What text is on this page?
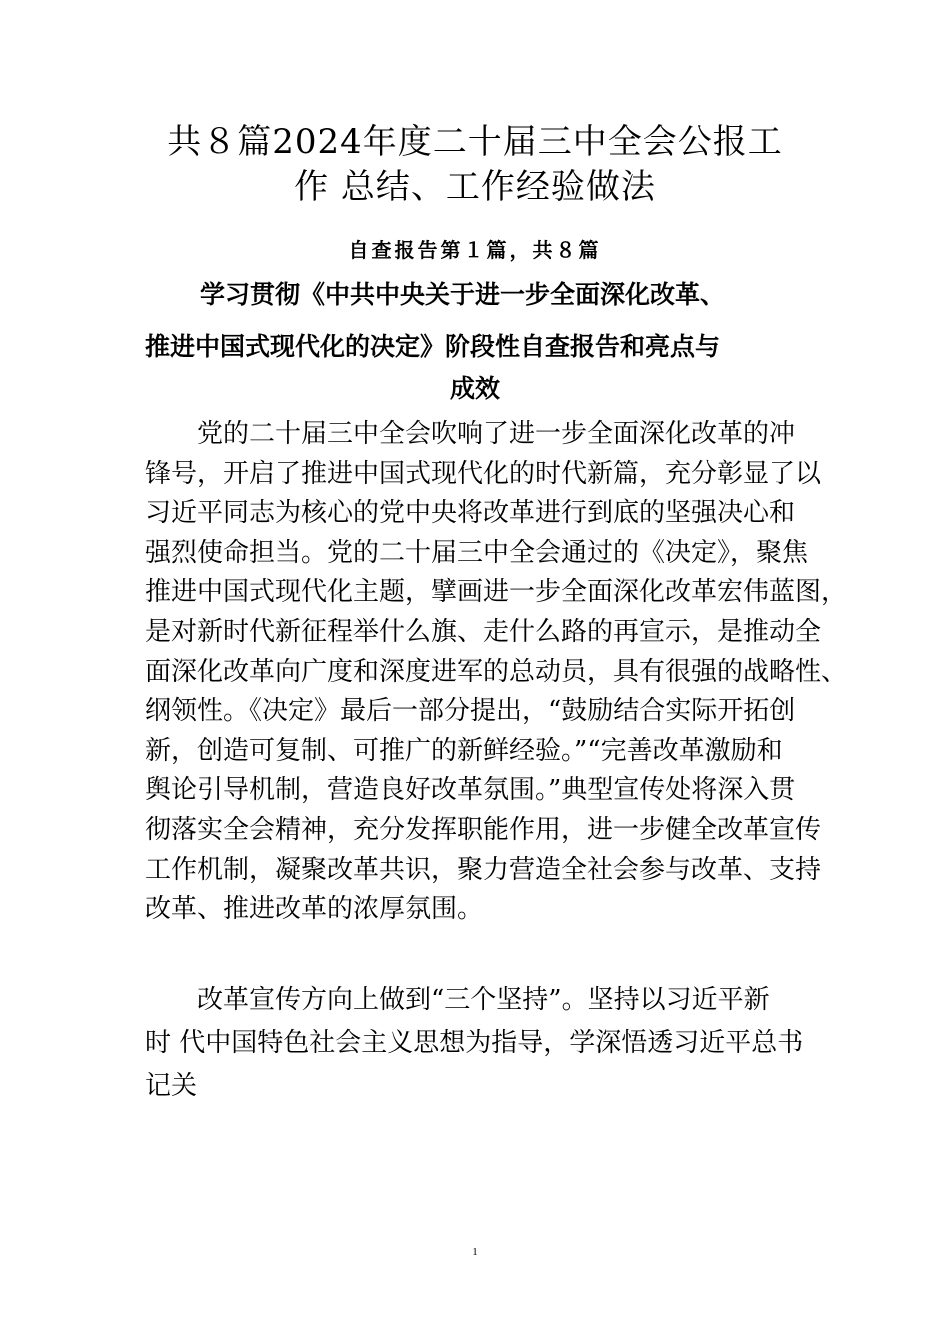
共８篇2024年度二十届三中全会公报工
作 总结、工作经验做法
自查报告第１篇，共８篇
学习贯彻《中共中央关于进一步全面深化改革、
推进中国式现代化的决定》阶段性自查报告和亮点与
成效
　　党的二十届三中全会吹响了进一步全面深化改革的冲
锋号，开启了推进中国式现代化的时代新篇，充分彰显了以
习近平同志为核心的党中央将改革进行到底的坚强决心和
强烈使命担当。党的二十届三中全会通过的《决定》，聚焦
推进中国式现代化主题，擘画进一步全面深化改革宏伟蓝图，
是对新时代新征程举什么旗、走什么路的再宣示，是推动全
面深化改革向广度和深度进军的总动员，具有很强的战略性、
纲领性。《决定》最后一部分提出，“鼓励结合实际开拓创
新，创造可复制、可推广的新鲜经验。”“完善改革激励和
舆论引导机制，营造良好改革氛围。”典型宣传处将深入贯
彻落实全会精神，充分发挥职能作用，进一步健全改革宣传
工作机制，凝聚改革共识，聚力营造全社会参与改革、支持
改革、推进改革的浓厚氛围。
　　改革宣传方向上做到“三个坚持”。坚持以习近平新
时 代中国特色社会主义思想为指导，学深悟透习近平总书
记关
1
